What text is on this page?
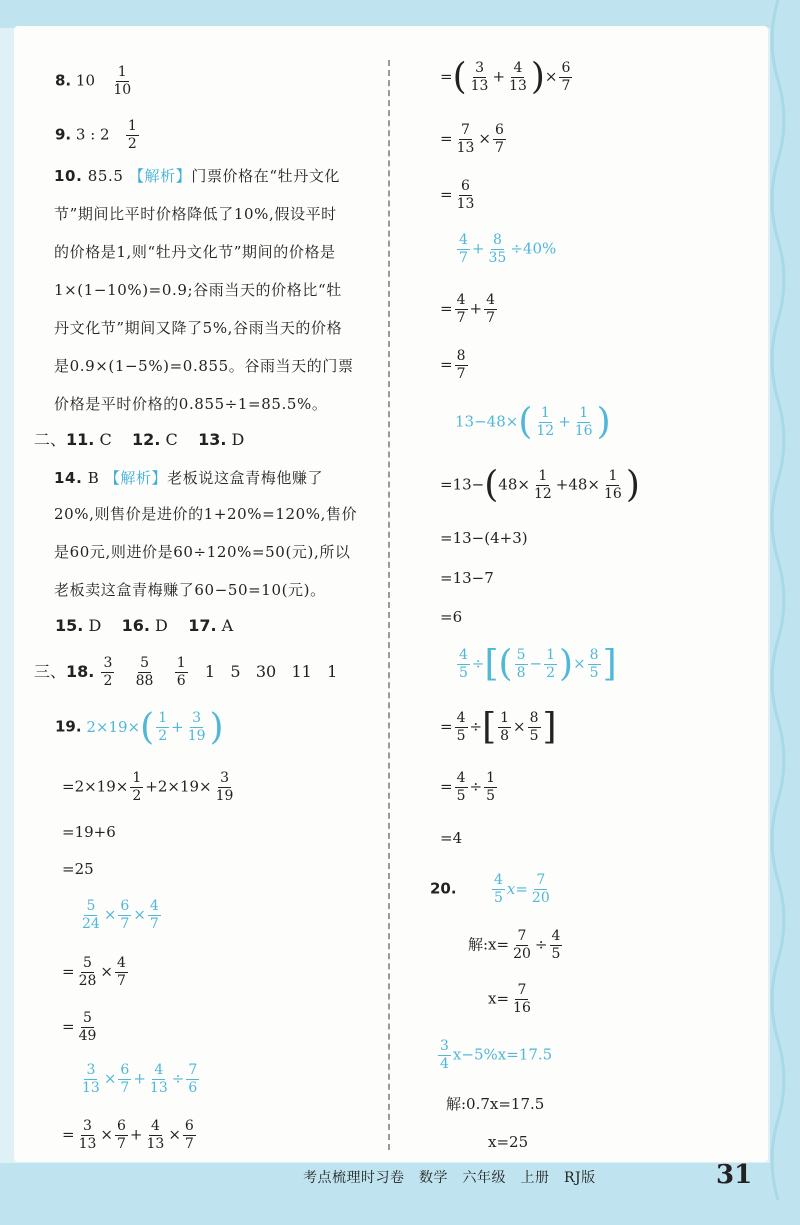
8. $10 \frac{1}{10}$
9. 3 : $2 \frac{1}{2}$
10. 85.5 【解析】门票价格在“牡丹文化
节”期间比平时价格降低了10%,假设平时
的价格是1,则“牡丹文化节”期间的价格是
1×(1−10%)=0.9;谷雨当天的价格比“牡
丹文化节”期间又降了5%,谷雨当天的价格
是0.9×(1−5%)=0.855。谷雨当天的门票
价格是平时价格的0.855÷1=85.5%。
二、11. C 12. C 13. D
14. B 【解析】老板说这盒青梅他赚了
20%,则售价是进价的1+20%=120%,售价
是60元,则进价是60÷120%=50(元),所以
老板卖这盒青梅赚了60−50=10(元)。
15. D 16. D 17. A
三、18. $\frac{3}{2}$
$\frac{5}{88}$
$\frac{1}{6} 1$ 5 30 11 1
19. $2\times 19\times( \frac{1}{2} + \frac{3}{19}$ )
$=2\times 19\times \frac{1}{2} +2\times 19\times \frac{3}{19}$
=19+6
=25
$\frac{5}{24} \times \frac{6}{7} \times \frac{4}{7}$
= $\frac{5}{28} \times \frac{4}{7}$
= $\frac{5}{49}$
$\frac{3}{13} \times \frac{6}{7} + \frac{4}{13} \div \frac{7}{6}$
= $\frac{3}{13} \times \frac{6}{7} + \frac{4}{13} \times \frac{6}{7}$
=( $\frac{3}{13} + \frac{4}{13}$ )× $\frac{6}{7}$
= $\frac{7}{13} \times \frac{6}{7}$
= $\frac{6}{13}$
$\frac{4}{7} + \frac{8}{35} \div 40\%$
= $\frac{4}{7} + \frac{4}{7}$
= $\frac{8}{7}$
$13-48\times( \frac{1}{12} + \frac{1}{16}$ )
$=13-(48\times \frac{1}{12} +48\times \frac{1}{16}$ )
=13−(4+3)
=13−7
=6
$\frac{4}{5}$ ÷[( $\frac{5}{8} - \frac{1}{2}$ )× $\frac{8}{5}$ ]
= $\frac{4}{5}$ ÷[ $\frac{1}{8} \times \frac{8}{5}$ ]
= $\frac{4}{5} \div \frac{1}{5}$
=4
20.	$\frac{4}{5} x= \frac{7}{20}$
解:x= $\frac{7}{20} \div \frac{4}{5}$
$x= \frac{7}{16}$
$\frac{3}{4} x-5\%x=17.5$
解:0.7x=17.5
x=25
考点梳理时习卷　数学　六年级　上册　RJ版	31
